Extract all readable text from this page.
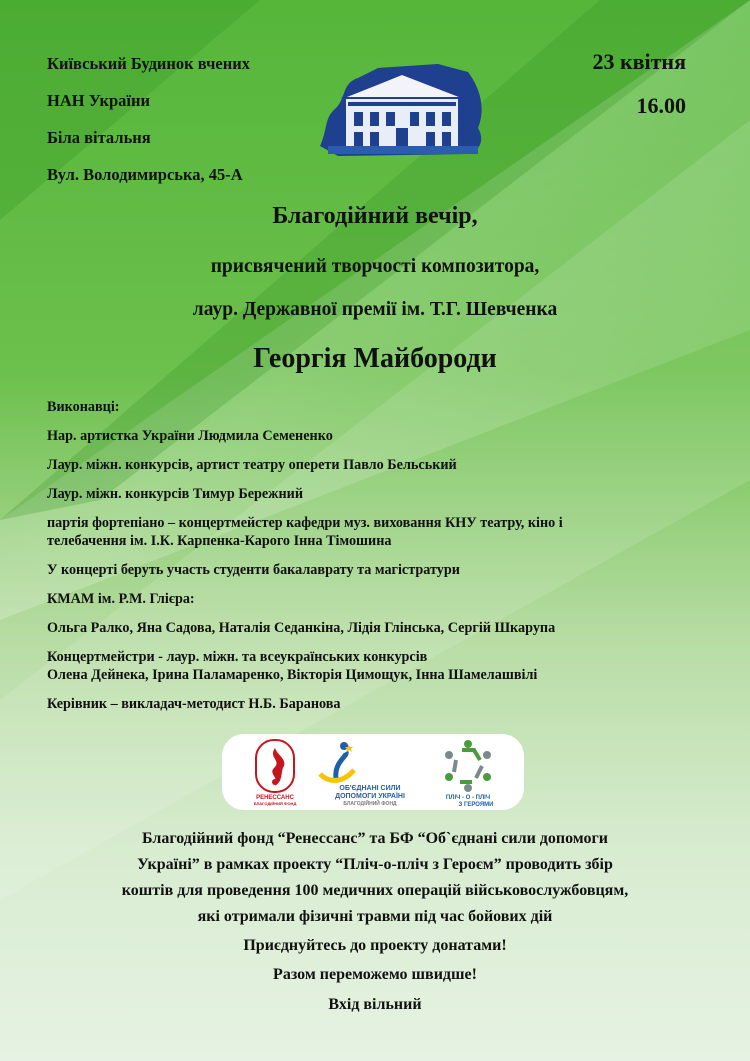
Київський Будинок вчених
НАН України
Біла вітальня
Вул. Володимирська, 45-А
23 квітня
16.00
Благодійний вечір,
присвячений творчості композитора,
лаур. Державної премії ім. Т.Г. Шевченка
Георгія Майбороди
Виконавці:
Нар. артистка України Людмила Семененко
Лаур. міжн. конкурсів, артист театру оперети Павло Бельський
Лаур. міжн. конкурсів Тимур Бережний
партія фортепіано – концертмейстер кафедри муз. виховання КНУ театру, кіно і
телебачення ім. І.К. Карпенка-Карого Інна Тімошина
У концерті беруть участь студенти бакалаврату та магістратури
КМАМ ім. Р.М. Глієра:
Ольга Ралко, Яна Садова, Наталія Седанкіна, Лідія Глінська, Сергій Шкарупа
Концертмейстри - лаур. міжн. та всеукраїнських конкурсів
Олена Дейнека, Ірина Паламаренко, Вікторія Цимощук, Інна Шамелашвілі
Керівник – викладач-методист Н.Б. Баранова
РЕНЕССАНС
БЛАГОДІЙНИЙ ФОНД
ОБ'ЄДНАНІ СИЛИ
ДОПОМОГИ УКРАЇНІ
БЛАГОДІЙНИЙ ФОНД
ПЛІЧ - О - ПЛІЧ
З ГЕРОЯМИ
Благодійний фонд “Ренессанс” та БФ “Об`єднані сили допомоги
Україні” в рамках проекту “Пліч-о-пліч з Героєм” проводить збір
коштів для проведення 100 медичних операцій військовослужбовцям,
які отримали фізичні травми під час бойових дій
Приєднуйтесь до проекту донатами!
Разом переможемо швидше!
Вхід вільний
